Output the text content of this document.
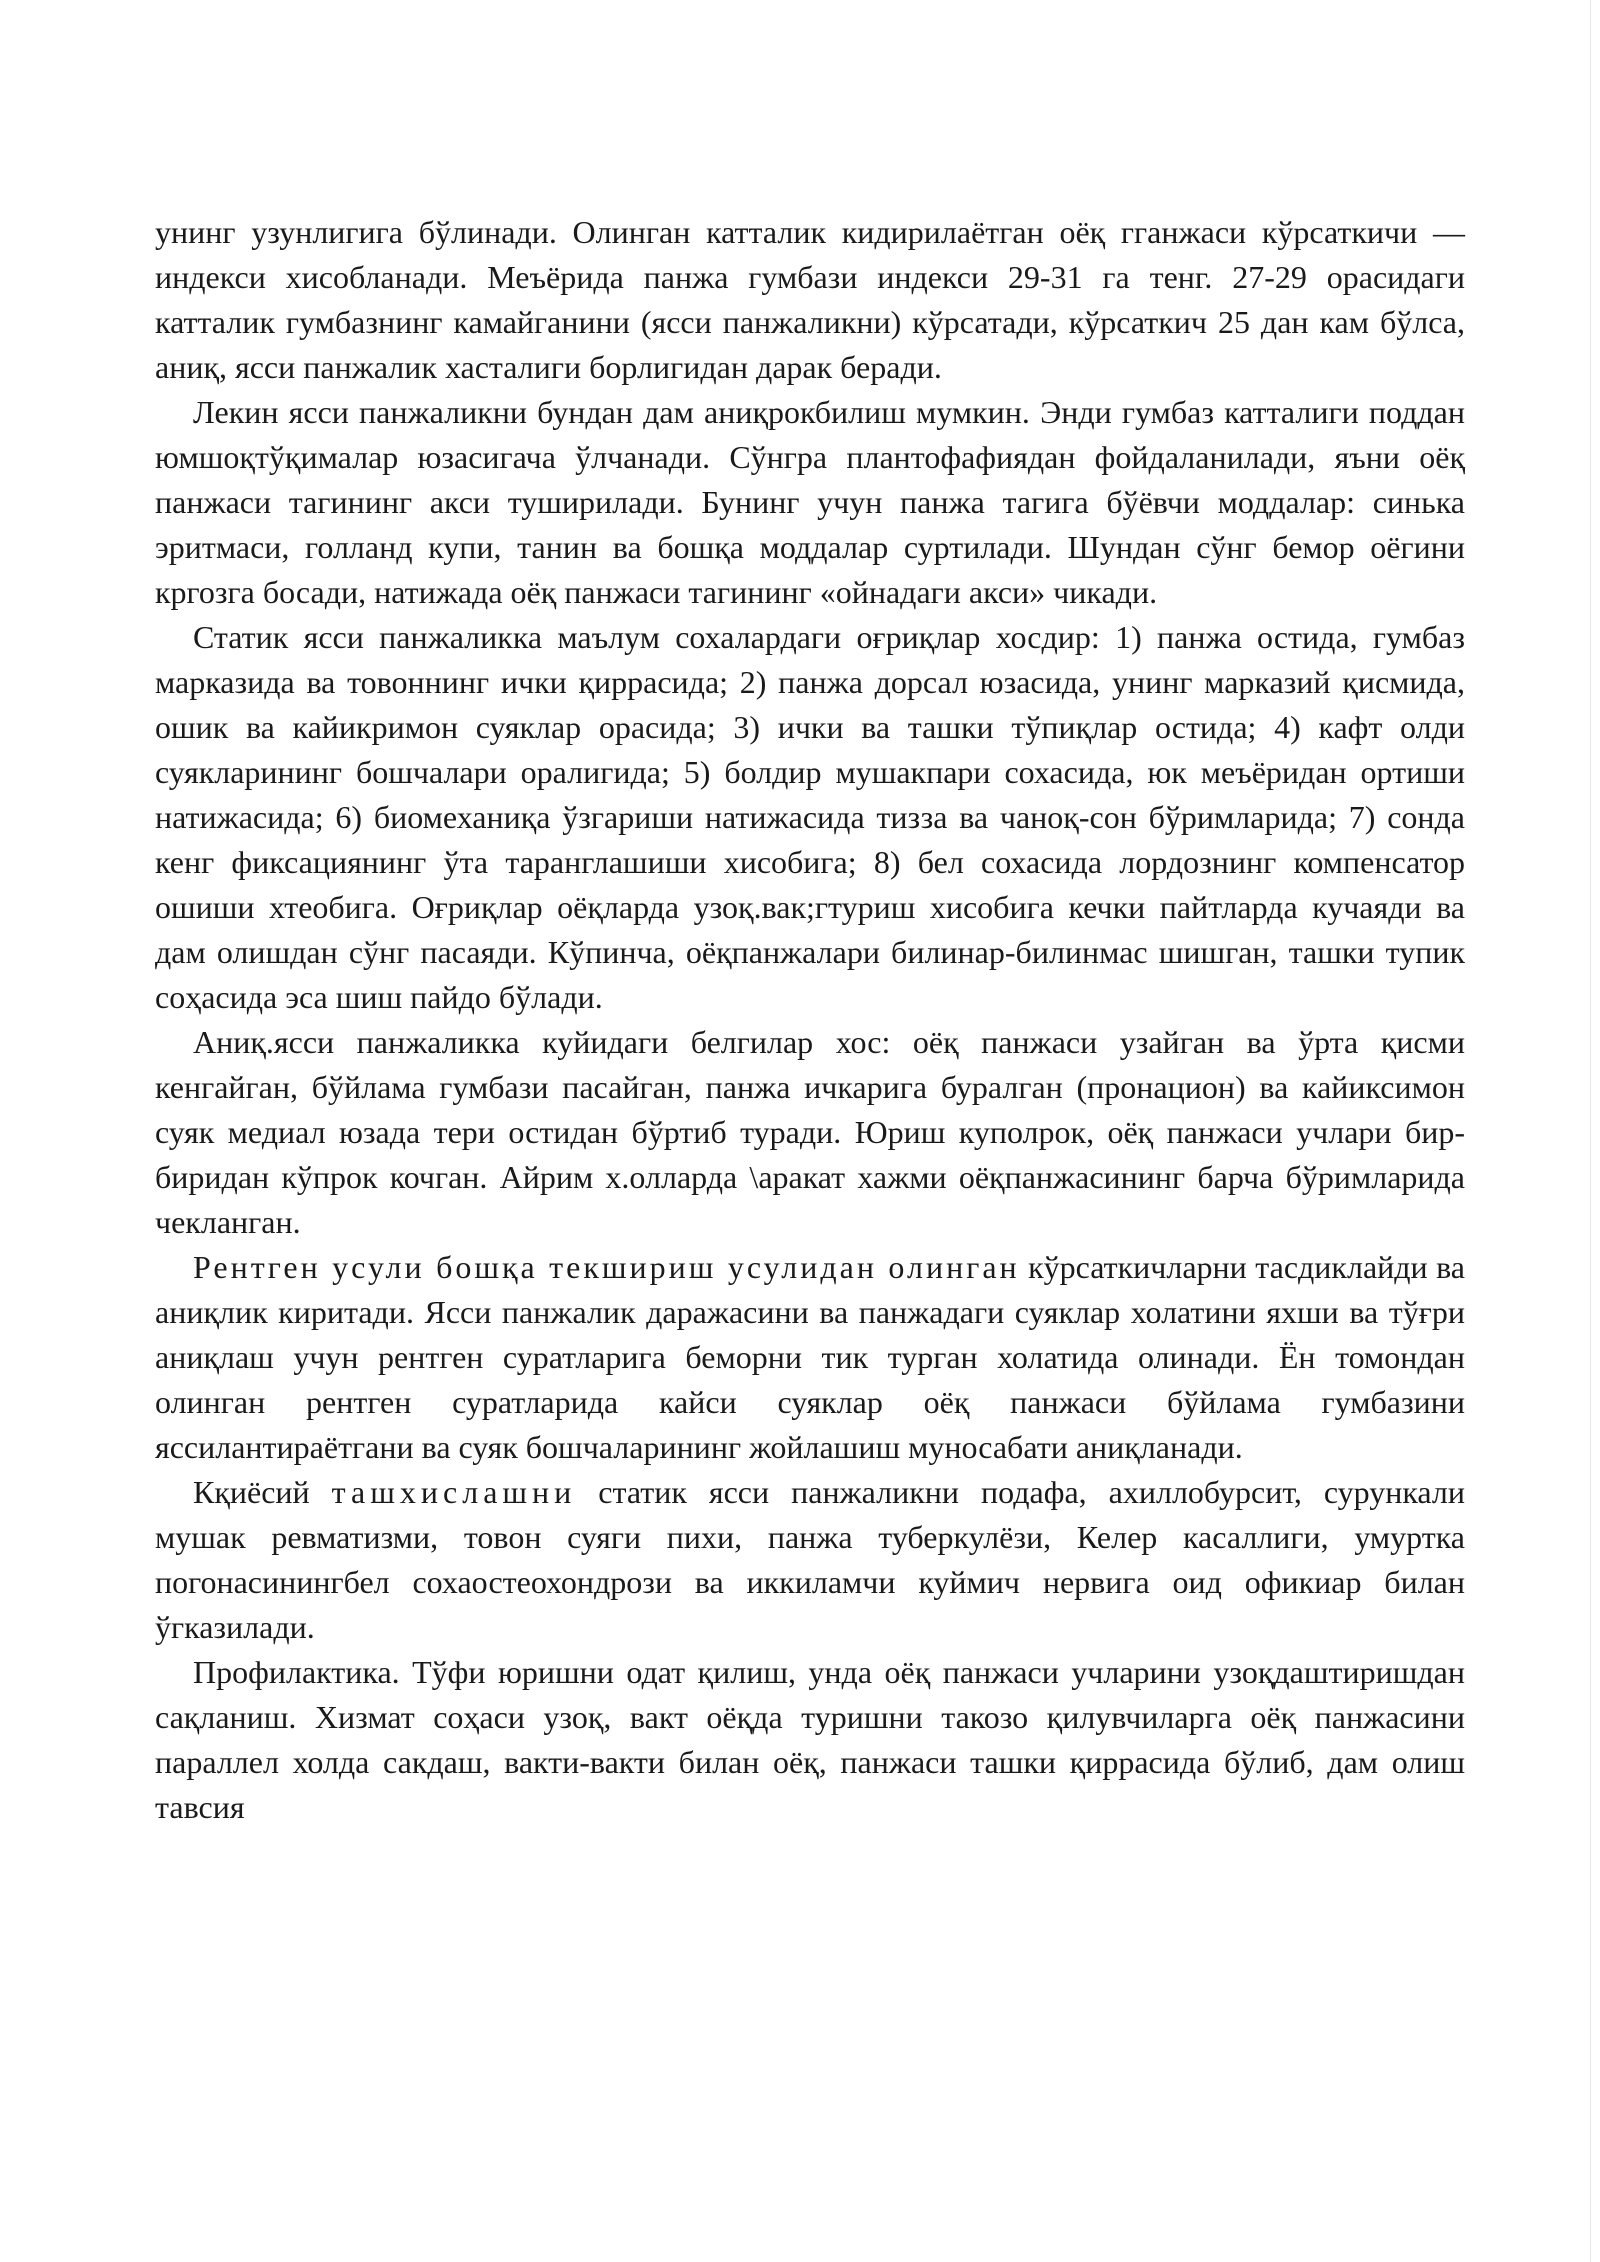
унинг узунлигига бўлинади. Олинган катталик кидирилаётган оёқ гганжаси кўрсаткичи — индекси хисобланади. Меъёрида панжа гумбази индекси 29-31 га тенг. 27-29 орасидаги катталик гумбазнинг камайганини (ясси панжаликни) кўрсатади, кўрсаткич 25 дан кам бўлса, аниқ, ясси панжалик хасталиги борлигидан дарак беради.

Лекин ясси панжаликни бундан дам аниқрокбилиш мумкин. Энди гумбаз катталиги поддан юмшоқтўқималар юзасигача ўлчанади. Сўнгра плантофафиядан фойдаланилади, яъни оёқ панжаси тагининг акси туширилади. Бунинг учун панжа тагига бўёвчи моддалар: синька эритмаси, голланд купи, танин ва бошқа моддалар суртилади. Шундан сўнг бемор оёгини кргозга босади, натижада оёқ панжаси тагининг «ойнадаги акси» чикади.

Статик ясси панжаликка маълум сохалардаги оғриқлар хосдир: 1) панжа остида, гумбаз марказида ва товоннинг ички қиррасида; 2) панжа дорсал юзасида, унинг марказий қисмида, ошик ва кайикримон суяклар орасида; 3) ички ва ташки тўпиқлар остида; 4) кафт олди суякларининг бошчалари оралигида; 5) болдир мушакпари сохасида, юк меъёридан ортиши натижасида; 6) биомеханиқа ўзгариши натижасида тизза ва чаноқ-сон бўримларида; 7) сонда кенг фиксациянинг ўта таранглашиши хисобига; 8) бел сохасида лордознинг компенсатор ошиши хтеобига. Оғриқлар оёқларда узоқ.вак;гтуриш хисобига кечки пайтларда кучаяди ва дам олишдан сўнг пасаяди. Кўпинча, оёқпанжалари билинар-билинмас шишган, ташки тупик соҳасида эса шиш пайдо бўлади.

Аниқ.ясси панжаликка куйидаги белгилар хос: оёқ панжаси узайган ва ўрта қисми кенгайган, бўйлама гумбази пасайган, панжа ичкарига буралган (пронацион) ва кайиксимон суяк медиал юзада тери остидан бўртиб туради. Юриш куполрок, оёқ панжаси учлари бир-биридан кўпрок кочган. Айрим х.олларда \аракат хажми оёқпанжасининг барча бўримларида чекланган.

Рентген усули бошқа текшириш усулидан олинган кўрсаткичларни тасдиклайди ва аниқлик киритади. Ясси панжалик даражасини ва панжадаги суяклар холатини яхши ва тўғри аниқлаш учун рентген суратларига беморни тик турган холатида олинади. Ён томондан олинган рентген суратларида кайси суяклар оёқ панжаси бўйлама гумбазини яссилантираётгани ва суяк бошчаларининг жойлашиш муносабати аниқланади.

Кқиёсий ташхислашни статик ясси панжаликни подафа, ахиллобурсит, сурункали мушак ревматизми, товон суяги пихи, панжа туберкулёзи, Келер касаллиги, умуртка погонасинингбел сохаостеохондрози ва иккиламчи куймич нервига оид офикиар билан ўгказилади.

Профилактика. Тўфи юришни одат қилиш, унда оёқ панжаси учларини узоқдаштиришдан сақланиш. Хизмат соҳаси узоқ, вакт оёқда туришни такозо қилувчиларга оёқ панжасини параллел холда сакдаш, вакти-вакти билан оёқ, панжаси ташки қиррасида бўлиб, дам олиш тавсия
